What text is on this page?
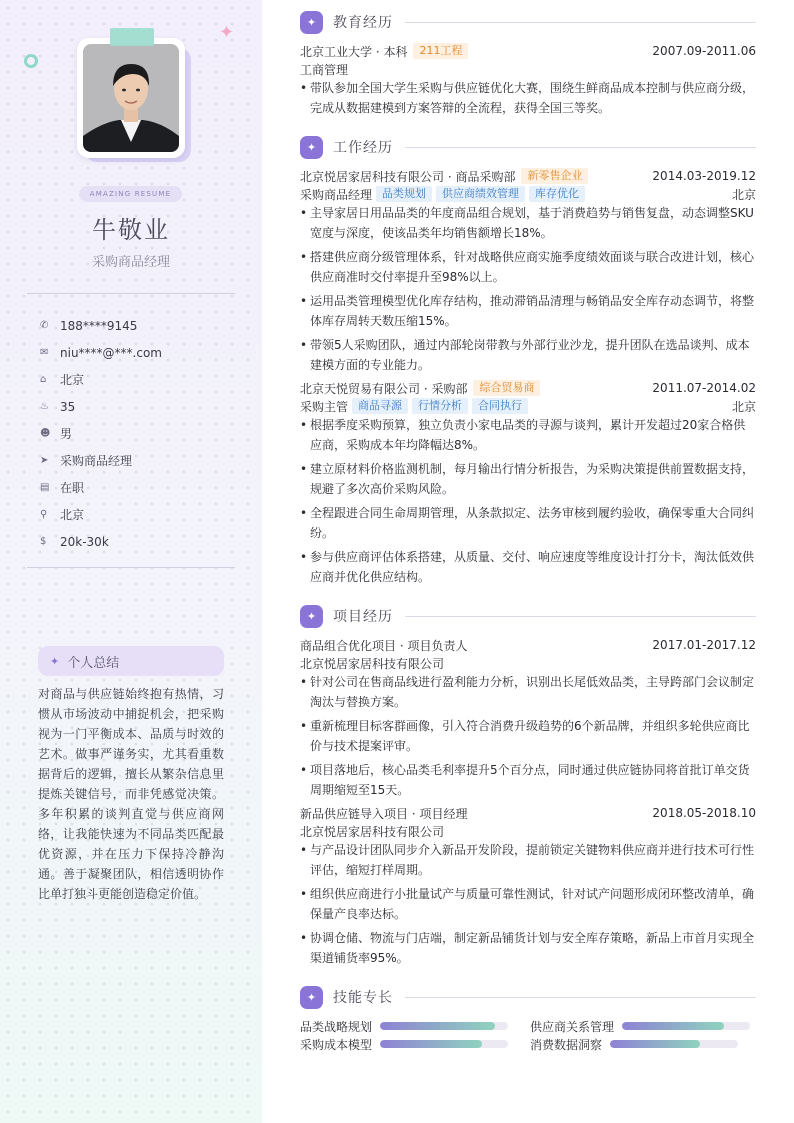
✦
AMAZING RESUME
牛敬业
采购商品经理
✆ 188****9145
✉ niu****@***.com
⌂	北京
♨ 35
☻ 男
➤ 采购商品经理
▤ 在职
⚲	北京
$	20k-30k
✦ 个人总结
对商品与供应链始终抱有热情，习惯从市场波动中捕捉机会，把采购视为一门平衡成本、品质与时效的艺术。做事严谨务实，尤其看重数据背后的逻辑，擅长从繁杂信息里提炼关键信号，而非凭感觉决策。多年积累的谈判直觉与供应商网络，让我能快速为不同品类匹配最优资源，并在压力下保持冷静沟通。善于凝聚团队，相信透明协作比单打独斗更能创造稳定价值。
✦	教育经历
北京工业大学 · 本科	211工程	2007.09-2011.06
工商管理
• 带队参加全国大学生采购与供应链优化大赛，围绕生鲜商品成本控制与供应商分级，完成从数据建模到方案答辩的全流程，获得全国三等奖。
✦	工作经历
北京悦居家居科技有限公司 · 商品采购部	新零售企业	2014.03-2019.12
采购商品经理 品类规划	供应商绩效管理	库存优化	北京
• 主导家居日用品品类的年度商品组合规划，基于消费趋势与销售复盘，动态调整SKU宽度与深度，使该品类年均销售额增长18%。
• 搭建供应商分级管理体系，针对战略供应商实施季度绩效面谈与联合改进计划，核心供应商准时交付率提升至98%以上。
• 运用品类管理模型优化库存结构，推动滞销品清理与畅销品安全库存动态调节，将整体库存周转天数压缩15%。
• 带领5人采购团队，通过内部轮岗带教与外部行业沙龙，提升团队在选品谈判、成本建模方面的专业能力。
北京天悦贸易有限公司 · 采购部	综合贸易商	2011.07-2014.02
采购主管 商品寻源	行情分析	合同执行	北京
• 根据季度采购预算，独立负责小家电品类的寻源与谈判，累计开发超过20家合格供应商，采购成本年均降幅达8%。
• 建立原材料价格监测机制，每月输出行情分析报告，为采购决策提供前置数据支持，规避了多次高价采购风险。
• 全程跟进合同生命周期管理，从条款拟定、法务审核到履约验收，确保零重大合同纠纷。
• 参与供应商评估体系搭建，从质量、交付、响应速度等维度设计打分卡，淘汰低效供应商并优化供应结构。
✦	项目经历
商品组合优化项目 · 项目负责人	2017.01-2017.12
北京悦居家居科技有限公司
• 针对公司在售商品线进行盈利能力分析，识别出长尾低效品类，主导跨部门会议制定淘汰与替换方案。
• 重新梳理目标客群画像，引入符合消费升级趋势的6个新品牌，并组织多轮供应商比价与技术提案评审。
• 项目落地后，核心品类毛利率提升5个百分点，同时通过供应链协同将首批订单交货周期缩短至15天。
新品供应链导入项目 · 项目经理	2018.05-2018.10
北京悦居家居科技有限公司
• 与产品设计团队同步介入新品开发阶段，提前锁定关键物料供应商并进行技术可行性评估，缩短打样周期。
• 组织供应商进行小批量试产与质量可靠性测试，针对试产问题形成闭环整改清单，确保量产良率达标。
• 协调仓储、物流与门店端，制定新品铺货计划与安全库存策略，新品上市首月实现全渠道铺货率95%。
✦	技能专长
品类战略规划	供应商关系管理
采购成本模型	消费数据洞察
